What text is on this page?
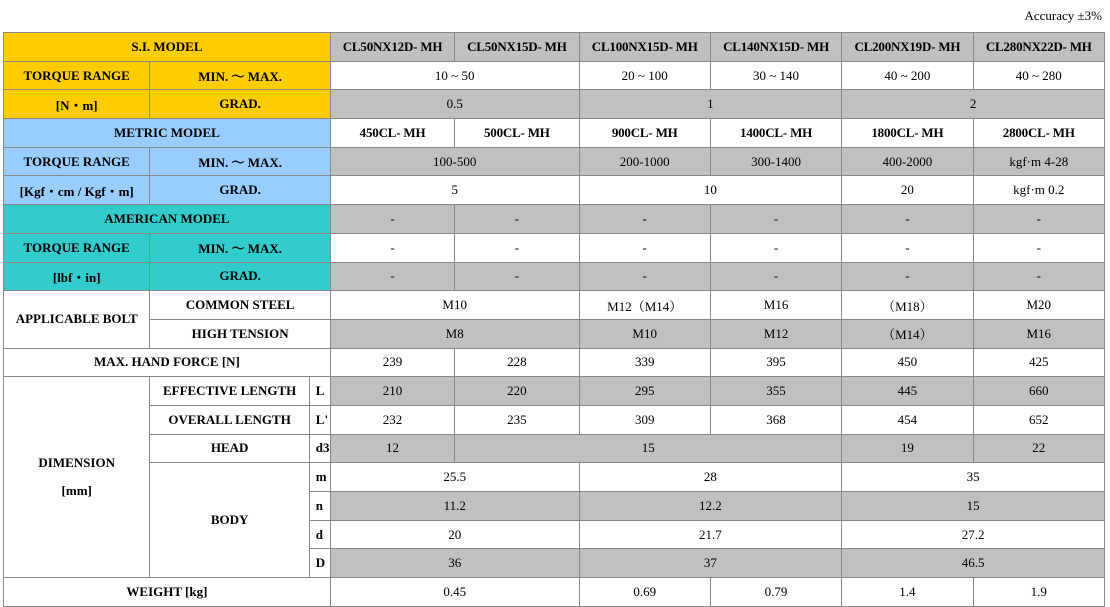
Accuracy ±3%
S.I. MODEL			CL50NX12D- MH	CL50NX15D- MH	CL100NX15D- MH	CL140NX15D- MH	CL200NX19D- MH	CL280NX22D- MH
TORQUE RANGE	MIN. ～ MAX.		10 ~ 50		20 ~ 100	30 ~ 140	40 ~ 200	40 ~ 280
[N・m]	GRAD.		0.5		1		2	
METRIC MODEL			450CL- MH	500CL- MH	900CL- MH	1400CL- MH	1800CL- MH	2800CL- MH
TORQUE RANGE	MIN. ～ MAX.		100-500		200-1000	300-1400	400-2000	kgf·m 4-28
[Kgf・cm / Kgf・m]	GRAD.		5		10		20	kgf·m 0.2
AMERICAN MODEL			-	-	-	-	-	-
TORQUE RANGE	MIN. ～ MAX.		-	-	-	-	-	-
[lbf・in]	GRAD.		-	-	-	-	-	-
APPLICABLE BOLT	COMMON STEEL		M10		M12（M14）	M16	（M18）	M20
	HIGH TENSION		M8		M10	M12	（M14）	M16
MAX. HAND FORCE [N]			239	228	339	395	450	425

DIMENSION
[mm]	EFFECTIVE LENGTH	L	210	220	295	355	445	660
	OVERALL LENGTH	L'	232	235	309	368	454	652
	HEAD	d3	12	15			19	22
	BODY	m	25.5		28		35	
		n	11.2		12.2		15	
		d	20		21.7		27.2	
		D	36		37		46.5	
WEIGHT [kg]			0.45		0.69	0.79	1.4	1.9
